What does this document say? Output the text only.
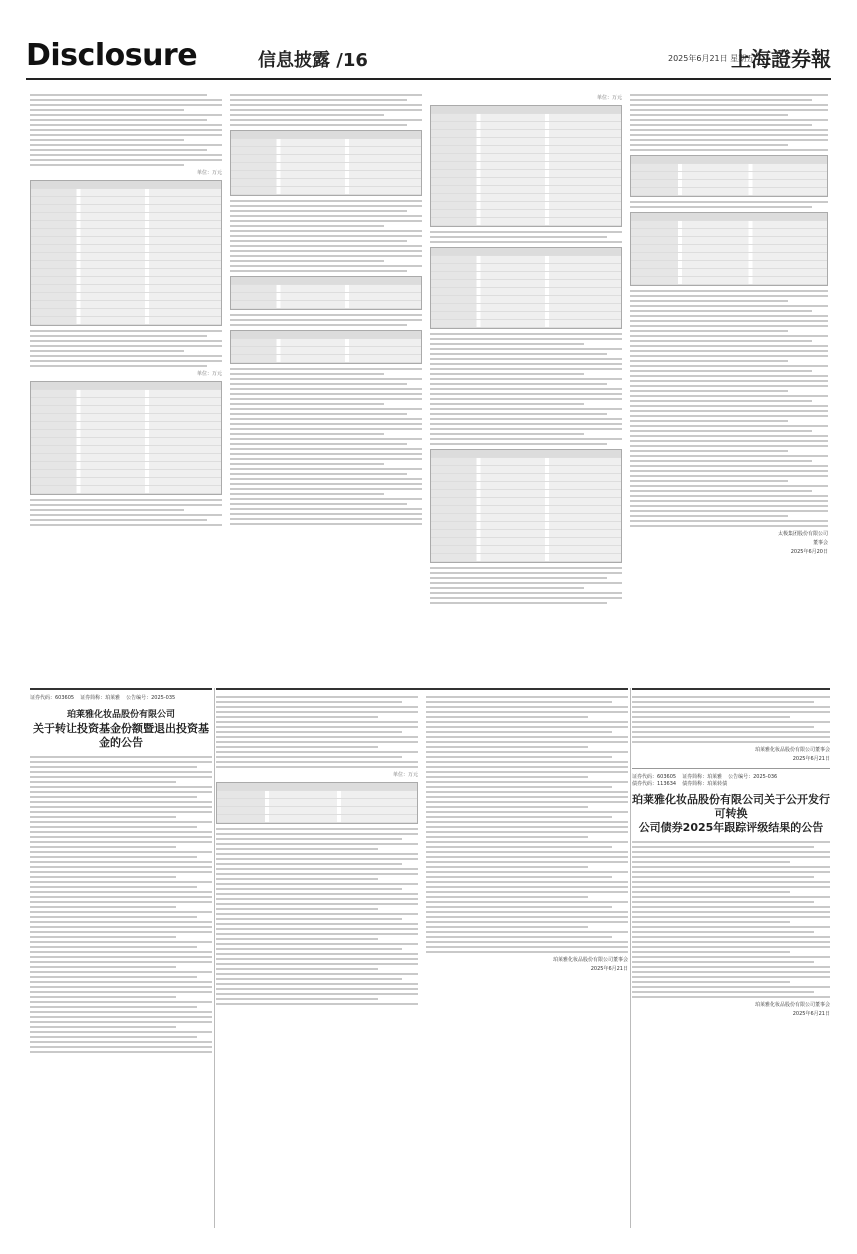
Disclosure	信息披露 /16	2025年6月21日 星期五
上海證券報
单位：万元
单位：万元
单位：万元
太极集团股份有限公司
董事会
2025年6月20日
证券代码：603605 证券简称：珀莱雅 公告编号：2025-035
珀莱雅化妆品股份有限公司
关于转让投资基金份额暨退出投资基金的公告
单位：万元
珀莱雅化妆品股份有限公司董事会
2025年6月21日
珀莱雅化妆品股份有限公司董事会
2025年6月21日
证券代码：603605 证券简称：珀莱雅 公告编号：2025-036
债券代码：113634 债券简称：珀莱转债
珀莱雅化妆品股份有限公司关于公开发行可转换
公司债券2025年跟踪评级结果的公告
珀莱雅化妆品股份有限公司董事会
2025年6月21日
